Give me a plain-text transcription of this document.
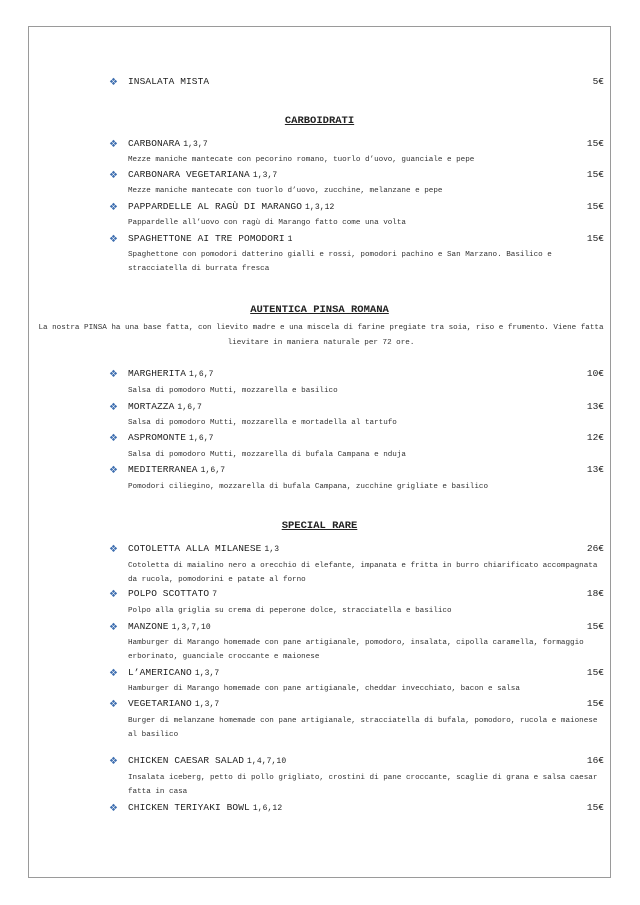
❖ INSALATA MISTA	5€
CARBOIDRATI
❖ CARBONARA 1,3,7	15€
Mezze maniche mantecate con pecorino romano, tuorlo d’uovo, guanciale e pepe
❖ CARBONARA VEGETARIANA 1,3,7	15€
Mezze maniche mantecate con tuorlo d’uovo, zucchine, melanzane e pepe
❖ PAPPARDELLE AL RAGÙ DI MARANGO 1,3,12	15€
Pappardelle all’uovo con ragù di Marango fatto come una volta
❖ SPAGHETTONE AI TRE POMODORI 1	15€
Spaghettone con pomodori datterino gialli e rossi, pomodori pachino e San Marzano. Basilico e stracciatella di burrata fresca
AUTENTICA PINSA ROMANA
La nostra PINSA ha una base fatta, con lievito madre e una miscela di farine pregiate tra soia, riso e frumento. Viene fatta lievitare in maniera naturale per 72 ore.
❖ MARGHERITA 1,6,7	10€
Salsa di pomodoro Mutti, mozzarella e basilico
❖ MORTAZZA 1,6,7	13€
Salsa di pomodoro Mutti, mozzarella e mortadella al tartufo
❖ ASPROMONTE 1,6,7	12€
Salsa di pomodoro Mutti, mozzarella di bufala Campana e nduja
❖ MEDITERRANEA 1,6,7	13€
Pomodori ciliegino, mozzarella di bufala Campana, zucchine grigliate e basilico
SPECIAL RARE
❖ COTOLETTA ALLA MILANESE 1,3	26€
Cotoletta di maialino nero a orecchio di elefante, impanata e fritta in burro chiarificato accompagnata da rucola, pomodorini e patate al forno
❖ POLPO SCOTTATO 7	18€
Polpo alla griglia su crema di peperone dolce, stracciatella e basilico
❖ MANZONE 1,3,7,10	15€
Hamburger di Marango homemade con pane artigianale, pomodoro, insalata, cipolla caramella, formaggio erborinato, guanciale croccante e maionese
❖ L’AMERICANO 1,3,7	15€
Hamburger di Marango homemade con pane artigianale, cheddar invecchiato, bacon e salsa
❖ VEGETARIANO 1,3,7	15€
Burger di melanzane homemade con pane artigianale, stracciatella di bufala, pomodoro, rucola e maionese al basilico
❖ CHICKEN CAESAR SALAD 1,4,7,10	16€
Insalata iceberg, petto di pollo grigliato, crostini di pane croccante, scaglie di grana e salsa caesar fatta in casa
❖ CHICKEN TERIYAKI BOWL 1,6,12	15€
